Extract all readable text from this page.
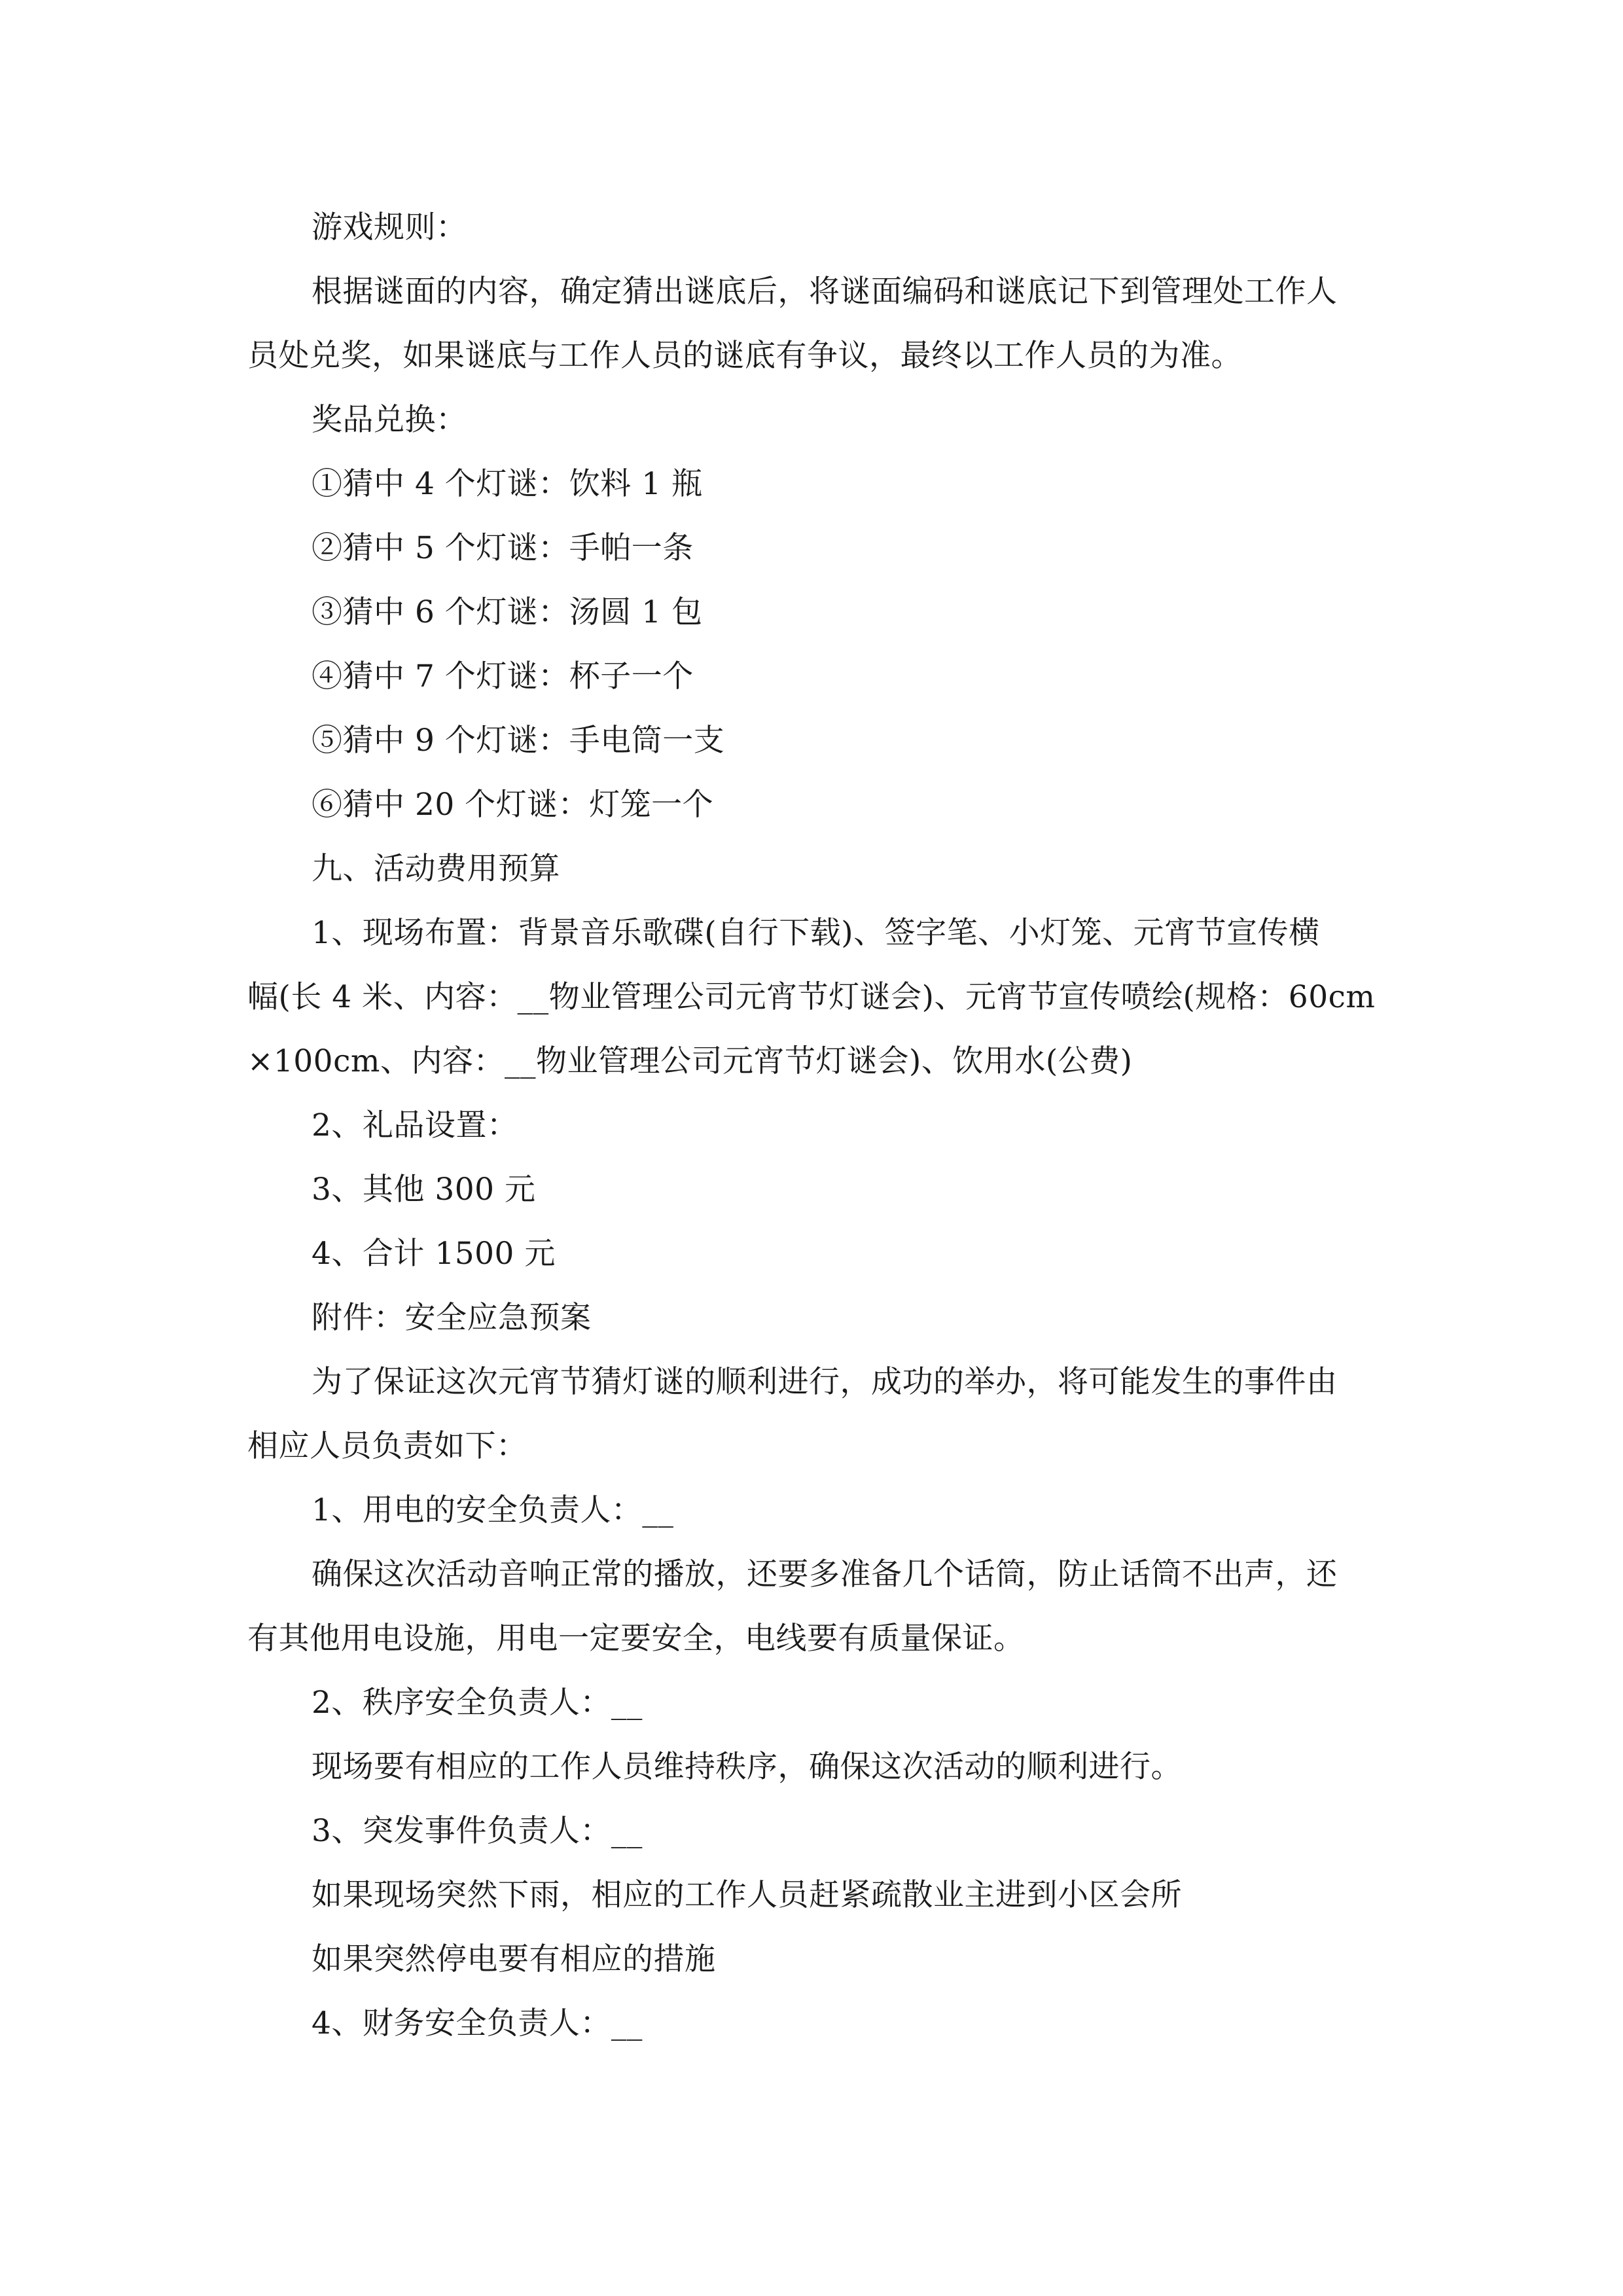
游戏规则：

根据谜面的内容，确定猜出谜底后，将谜面编码和谜底记下到管理处工作人

员处兑奖，如果谜底与工作人员的谜底有争议，最终以工作人员的为准。

奖品兑换：

①猜中 4 个灯谜：饮料 1 瓶

②猜中 5 个灯谜：手帕一条

③猜中 6 个灯谜：汤圆 1 包

④猜中 7 个灯谜：杯子一个

⑤猜中 9 个灯谜：手电筒一支

⑥猜中 20 个灯谜：灯笼一个

九、活动费用预算

1、现场布置：背景音乐歌碟(自行下载)、签字笔、小灯笼、元宵节宣传横

幅(长 4 米、内容：__物业管理公司元宵节灯谜会)、元宵节宣传喷绘(规格：60cm

×100cm、内容：__物业管理公司元宵节灯谜会)、饮用水(公费)

2、礼品设置：

3、其他 300 元

4、合计 1500 元

附件：安全应急预案

为了保证这次元宵节猜灯谜的顺利进行，成功的举办，将可能发生的事件由

相应人员负责如下：

1、用电的安全负责人：__

确保这次活动音响正常的播放，还要多准备几个话筒，防止话筒不出声，还

有其他用电设施，用电一定要安全，电线要有质量保证。

2、秩序安全负责人：__

现场要有相应的工作人员维持秩序，确保这次活动的顺利进行。

3、突发事件负责人：__

如果现场突然下雨，相应的工作人员赶紧疏散业主进到小区会所

如果突然停电要有相应的措施

4、财务安全负责人：__
